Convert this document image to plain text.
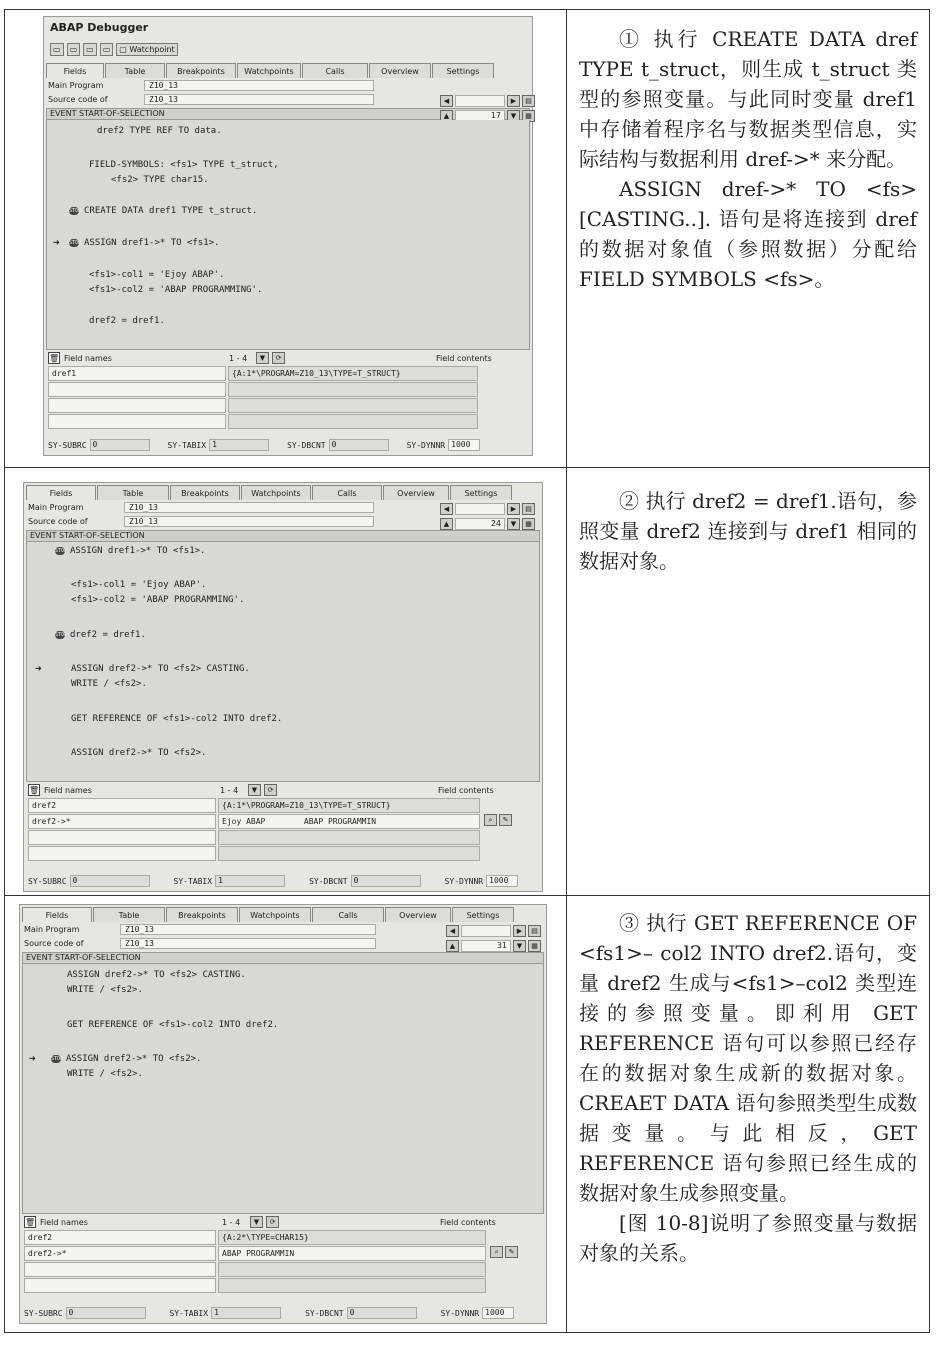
ABAP Debugger
▭	▭	▭	▭	▢ Watchpoint
Fields	Table	Breakpoints	Watchpoints	Calls	Overview	Settings
Main Program	Z10_13
Source code of	Z10_13	◀	▶	▤
▲	17	▼	▦
EVENT START-OF-SELECTION
dref2 TYPE REF TO data.
FIELD-SYMBOLS: <fs1> TYPE t_struct,
<fs2> TYPE char15.
STOP CREATE DATA dref1 TYPE t_struct.
➜ STOP ASSIGN dref1->* TO <fs1>.
<fs1>-col1 = 'Ejoy ABAP'.
<fs1>-col2 = 'ABAP PROGRAMMING'.
dref2 = dref1.
🗑 Field names	1 - 4	▼	⟳	Field contents
dref1	{A:1*\PROGRAM=Z10_13\TYPE=T_STRUCT}
SY-SUBRC 0	SY-TABIX 1	SY-DBCNT 0	SY-DYNNR 1000

① 执行 CREATE DATA dref TYPE t_struct，则生成 t_struct 类型的参照变量。与此同时变量 dref1 中存储着程序名与数据类型信息，实际结构与数据利用 dref->* 来分配。

ASSIGN dref->* TO <fs> [CASTING..]. 语句是将连接到 dref 的数据对象值（参照数据）分配给 FIELD SYMBOLS <fs>。

Fields	Table	Breakpoints	Watchpoints	Calls	Overview	Settings
Main Program	Z10_13
Source code of	Z10_13
◀	▶	▤
▲	24	▼	▦
EVENT START-OF-SELECTION
STOP ASSIGN dref1->* TO <fs1>.
<fs1>-col1 = 'Ejoy ABAP'.
<fs1>-col2 = 'ABAP PROGRAMMING'.
STOP dref2 = dref1.
➜	ASSIGN dref2->* TO <fs2> CASTING.
WRITE / <fs2>.
GET REFERENCE OF <fs1>-col2 INTO dref2.
ASSIGN dref2->* TO <fs2>.
🗑 Field names	1 - 4	▼	⟳	Field contents
dref2	{A:1*\PROGRAM=Z10_13\TYPE=T_STRUCT}
dref2->*	Ejoy ABAP        ABAP PROGRAMMIN	⌕	✎
SY-SUBRC 0	SY-TABIX 1	SY-DBCNT 0	SY-DYNNR 1000

② 执行 dref2 = dref1.语句，参照变量 dref2 连接到与 dref1 相同的数据对象。

Fields	Table	Breakpoints	Watchpoints	Calls	Overview	Settings
Main Program	Z10_13
Source code of	Z10_13
◀	▶	▤
▲	31	▼	▦
EVENT START-OF-SELECTION
ASSIGN dref2->* TO <fs2> CASTING.
WRITE / <fs2>.
GET REFERENCE OF <fs1>-col2 INTO dref2.
➜	STOP ASSIGN dref2->* TO <fs2>.
WRITE / <fs2>.
🗑 Field names	1 - 4	▼	⟳	Field contents
dref2	{A:2*\TYPE=CHAR15}
dref2->*	ABAP PROGRAMMIN	⌕	✎
SY-SUBRC 0	SY-TABIX 1	SY-DBCNT 0	SY-DYNNR 1000

③ 执行 GET REFERENCE OF <fs1>– col2 INTO dref2.语句，变量 dref2 生成与<fs1>–col2 类型连接的参照变量。即利用 GET REFERENCE 语句可以参照已经存在的数据对象生成新的数据对象。CREAET DATA 语句参照类型生成数据变量。与此相反，GET REFERENCE 语句参照已经生成的数据对象生成参照变量。

[图 10-8]说明了参照变量与数据对象的关系。
